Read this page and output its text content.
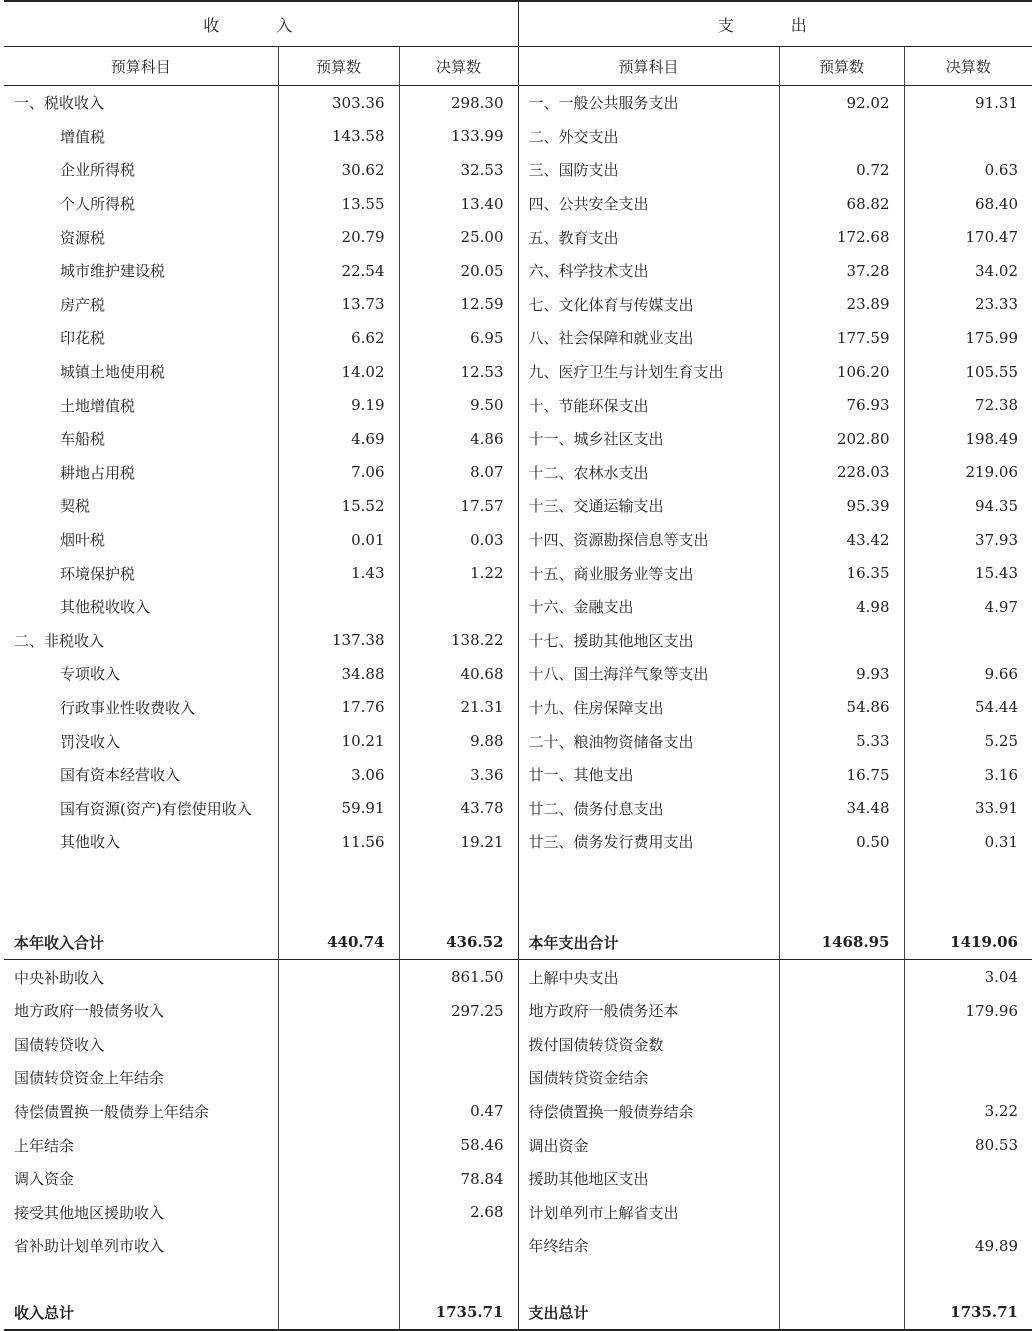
收 入			支 出		
预算科目	预算数	决算数	预算科目	预算数	决算数
一、税收收入	303.36	298.30	一、一般公共服务支出	92.02	91.31
增值税	143.58	133.99	二、外交支出		
企业所得税	30.62	32.53	三、国防支出	0.72	0.63
个人所得税	13.55	13.40	四、公共安全支出	68.82	68.40
资源税	20.79	25.00	五、教育支出	172.68	170.47
城市维护建设税	22.54	20.05	六、科学技术支出	37.28	34.02
房产税	13.73	12.59	七、文化体育与传媒支出	23.89	23.33
印花税	6.62	6.95	八、社会保障和就业支出	177.59	175.99
城镇土地使用税	14.02	12.53	九、医疗卫生与计划生育支出	106.20	105.55
土地增值税	9.19	9.50	十、节能环保支出	76.93	72.38
车船税	4.69	4.86	十一、城乡社区支出	202.80	198.49
耕地占用税	7.06	8.07	十二、农林水支出	228.03	219.06
契税	15.52	17.57	十三、交通运输支出	95.39	94.35
烟叶税	0.01	0.03	十四、资源勘探信息等支出	43.42	37.93
环境保护税	1.43	1.22	十五、商业服务业等支出	16.35	15.43
其他税收收入			十六、金融支出	4.98	4.97
二、非税收入	137.38	138.22	十七、援助其他地区支出		
专项收入	34.88	40.68	十八、国土海洋气象等支出	9.93	9.66
行政事业性收费收入	17.76	21.31	十九、住房保障支出	54.86	54.44
罚没收入	10.21	9.88	二十、粮油物资储备支出	5.33	5.25
国有资本经营收入	3.06	3.36	廿一、其他支出	16.75	3.16
国有资源(资产)有偿使用收入	59.91	43.78	廿二、债务付息支出	34.48	33.91
其他收入	11.56	19.21	廿三、债务发行费用支出	0.50	0.31

本年收入合计	440.74	436.52	本年支出合计	1468.95	1419.06
中央补助收入		861.50	上解中央支出		3.04
地方政府一般债务收入		297.25	地方政府一般债务还本		179.96
国债转贷收入			拨付国债转贷资金数		
国债转贷资金上年结余			国债转贷资金结余		
待偿债置换一般债券上年结余		0.47	待偿债置换一般债券结余		3.22
上年结余		58.46	调出资金		80.53
调入资金		78.84	援助其他地区支出		
接受其他地区援助收入		2.68	计划单列市上解省支出		
省补助计划单列市收入			年终结余		49.89

收入总计		1735.71	支出总计		1735.71
